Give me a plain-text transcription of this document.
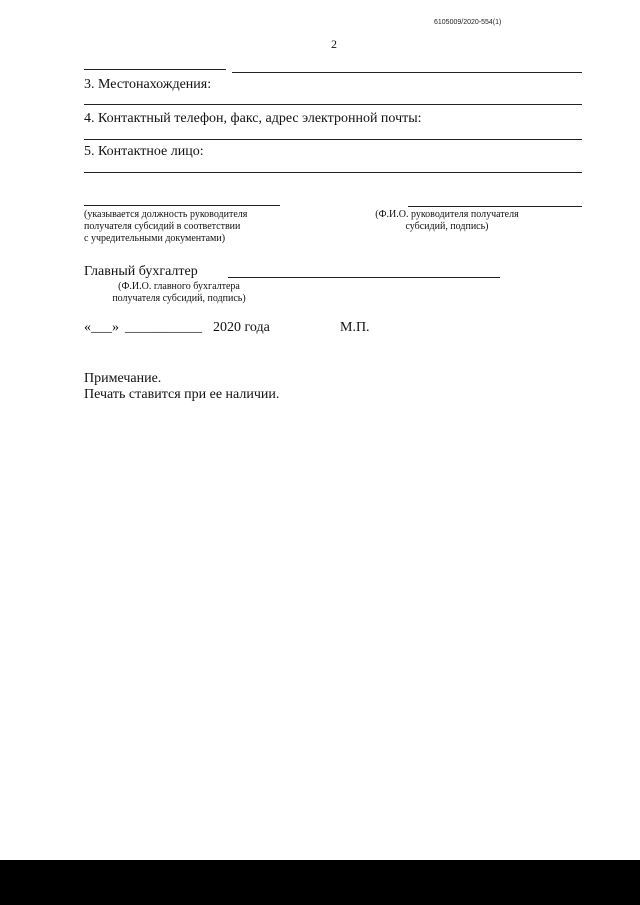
6105009/2020-554(1)
2
3. Местонахождения:
4. Контактный телефон, факс, адрес электронной почты:
5. Контактное лицо:
(указывается должность руководителя
получателя субсидий в соответствии
с учредительными документами)
(Ф.И.О. руководителя получателя
субсидий, подпись)
Главный бухгалтер
(Ф.И.О. главного бухгалтера
получателя субсидий, подпись)
«___» ___________ 2020 года	М.П.
Примечание.
Печать ставится при ее наличии.
